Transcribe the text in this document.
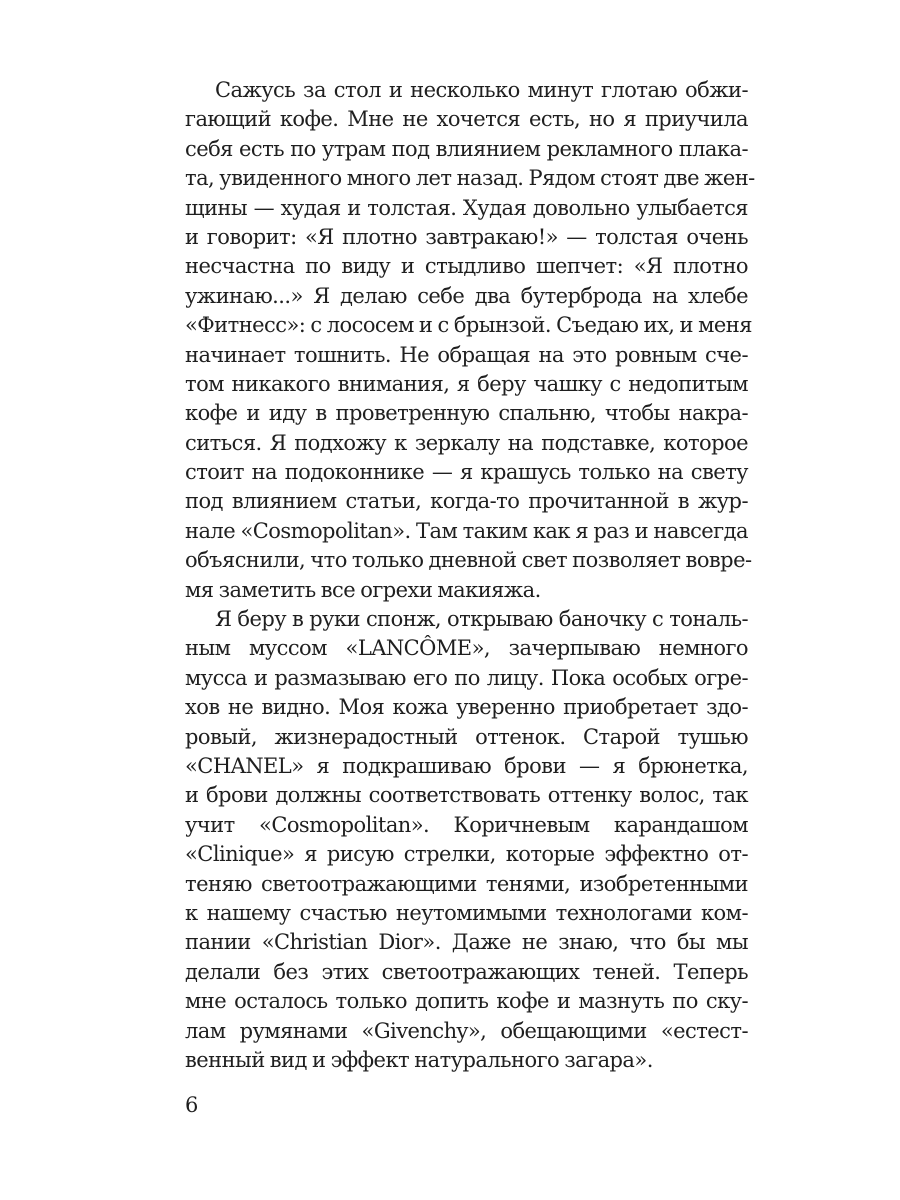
Сажусь за стол и несколько минут глотаю обжи-
гающий кофе. Мне не хочется есть, но я приучила
себя есть по утрам под влиянием рекламного плака-
та, увиденного много лет назад. Рядом стоят две жен-
щины — худая и толстая. Худая довольно улыбается
и говорит: «Я плотно завтракаю!» — толстая очень
несчастна по виду и стыдливо шепчет: «Я плотно
ужинаю...» Я делаю себе два бутерброда на хлебе
«Фитнесс»: с лососем и с брынзой. Съедаю их, и меня
начинает тошнить. Не обращая на это ровным сче-
том никакого внимания, я беру чашку с недопитым
кофе и иду в проветренную спальню, чтобы накра-
ситься. Я подхожу к зеркалу на подставке, которое
стоит на подоконнике — я крашусь только на свету
под влиянием статьи, когда-то прочитанной в жур-
нале «Cosmopolitan». Там таким как я раз и навсегда
объяснили, что только дневной свет позволяет вовре-
мя заметить все огрехи макияжа.
Я беру в руки спонж, открываю баночку с тональ-
ным муссом «LANCÔME», зачерпываю немного
мусса и размазываю его по лицу. Пока особых огре-
хов не видно. Моя кожа уверенно приобретает здо-
ровый, жизнерадостный оттенок. Старой тушью
«CHANEL» я подкрашиваю брови — я брюнетка,
и брови должны соответствовать оттенку волос, так
учит «Cosmopolitan». Коричневым карандашом
«Clinique» я рисую стрелки, которые эффектно от-
теняю светоотражающими тенями, изобретенными
к нашему счастью неутомимыми технологами ком-
пании «Christian Dior». Даже не знаю, что бы мы
делали без этих светоотражающих теней. Теперь
мне осталось только допить кофе и мазнуть по ску-
лам румянами «Givenchy», обещающими «естест-
венный вид и эффект натурального загара».
6
